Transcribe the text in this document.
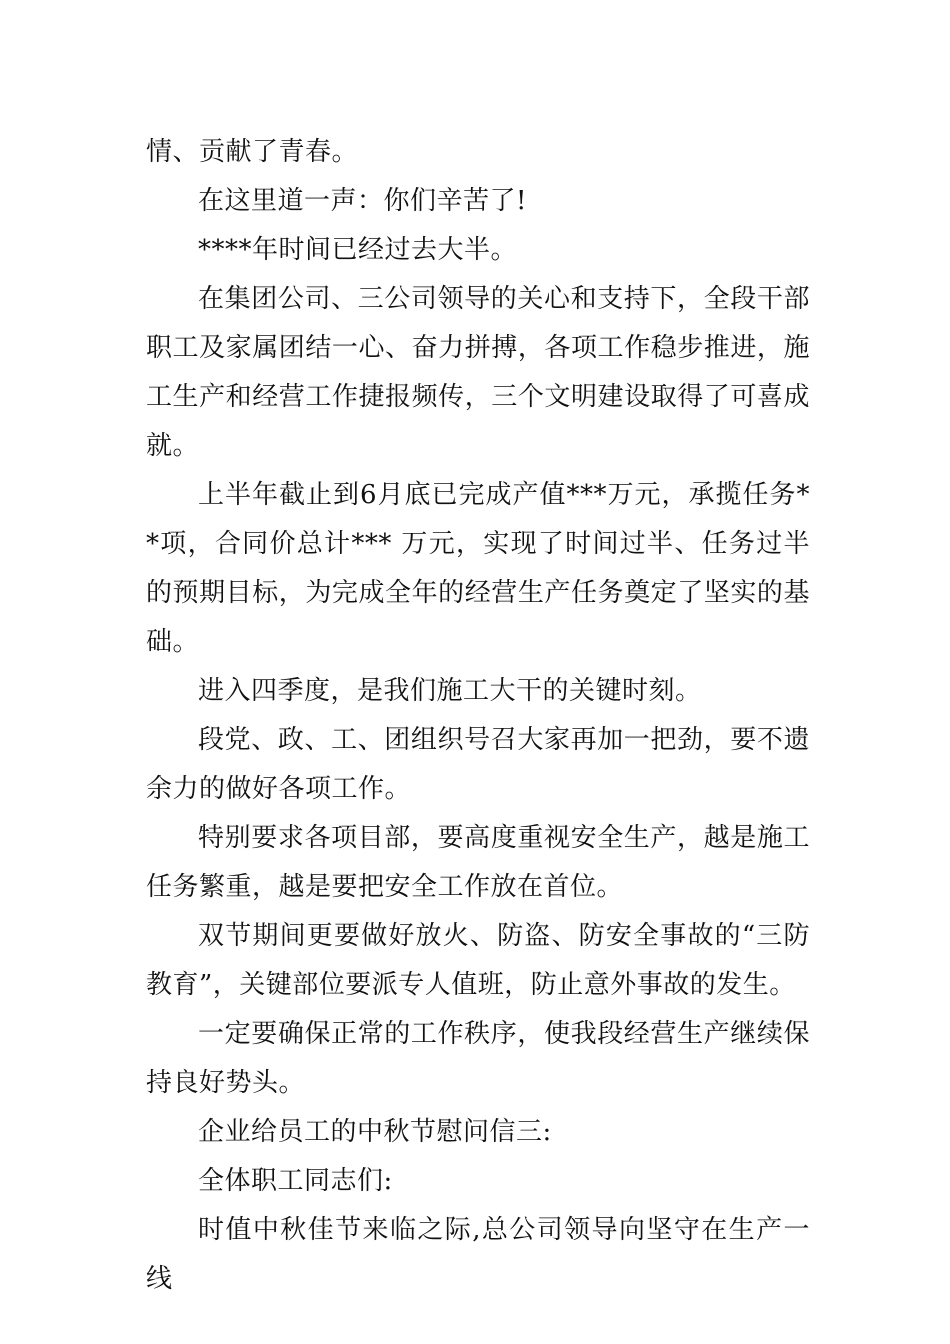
情、贡献了青春。

在这里道一声：你们辛苦了!

****年时间已经过去大半。

在集团公司、三公司领导的关心和支持下，全段干部职工及家属团结一心、奋力拼搏，各项工作稳步推进，施工生产和经营工作捷报频传，三个文明建设取得了可喜成就。

上半年截止到6月底已完成产值***万元，承揽任务**项，合同价总计*** 万元，实现了时间过半、任务过半的预期目标，为完成全年的经营生产任务奠定了坚实的基础。

进入四季度，是我们施工大干的关键时刻。

段党、政、工、团组织号召大家再加一把劲，要不遗余力的做好各项工作。

特别要求各项目部，要高度重视安全生产，越是施工任务繁重，越是要把安全工作放在首位。

双节期间更要做好放火、防盗、防安全事故的“三防教育”，关键部位要派专人值班，防止意外事故的发生。

一定要确保正常的工作秩序，使我段经营生产继续保持良好势头。

企业给员工的中秋节慰问信三:

全体职工同志们:

时值中秋佳节来临之际,总公司领导向坚守在生产一线
